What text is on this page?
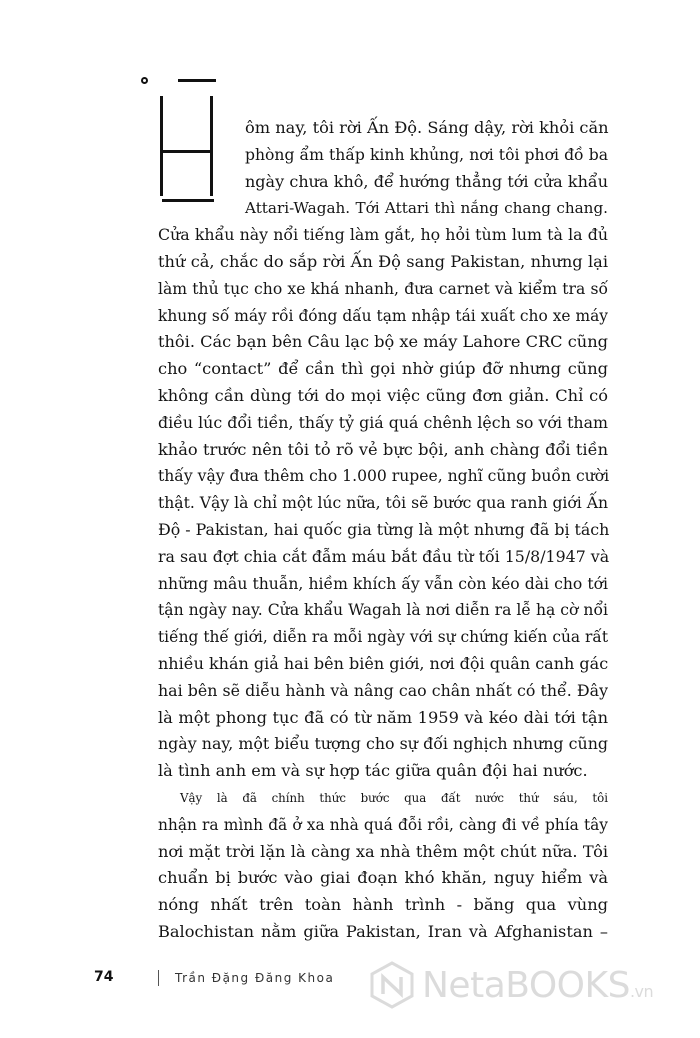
ôm nay, tôi rời Ấn Độ. Sáng dậy, rời khỏi căn
phòng ẩm thấp kinh khủng, nơi tôi phơi đồ ba
ngày chưa khô, để hướng thẳng tới cửa khẩu
Attari-Wagah. Tới Attari thì nắng chang chang.
Cửa khẩu này nổi tiếng làm gắt, họ hỏi tùm lum tà la đủ
thứ cả, chắc do sắp rời Ấn Độ sang Pakistan, nhưng lại
làm thủ tục cho xe khá nhanh, đưa carnet và kiểm tra số
khung số máy rồi đóng dấu tạm nhập tái xuất cho xe máy
thôi. Các bạn bên Câu lạc bộ xe máy Lahore CRC cũng
cho “contact” để cần thì gọi nhờ giúp đỡ nhưng cũng
không cần dùng tới do mọi việc cũng đơn giản. Chỉ có
điều lúc đổi tiền, thấy tỷ giá quá chênh lệch so với tham
khảo trước nên tôi tỏ rõ vẻ bực bội, anh chàng đổi tiền
thấy vậy đưa thêm cho 1.000 rupee, nghĩ cũng buồn cười
thật. Vậy là chỉ một lúc nữa, tôi sẽ bước qua ranh giới Ấn
Độ - Pakistan, hai quốc gia từng là một nhưng đã bị tách
ra sau đợt chia cắt đẫm máu bắt đầu từ tối 15/8/1947 và
những mâu thuẫn, hiềm khích ấy vẫn còn kéo dài cho tới
tận ngày nay. Cửa khẩu Wagah là nơi diễn ra lễ hạ cờ nổi
tiếng thế giới, diễn ra mỗi ngày với sự chứng kiến của rất
nhiều khán giả hai bên biên giới, nơi đội quân canh gác
hai bên sẽ diễu hành và nâng cao chân nhất có thể. Đây
là một phong tục đã có từ năm 1959 và kéo dài tới tận
ngày nay, một biểu tượng cho sự đối nghịch nhưng cũng
là tình anh em và sự hợp tác giữa quân đội hai nước.
Vậy là đã chính thức bước qua đất nước thứ sáu, tôi
nhận ra mình đã ở xa nhà quá đỗi rồi, càng đi về phía tây
nơi mặt trời lặn là càng xa nhà thêm một chút nữa. Tôi
chuẩn bị bước vào giai đoạn khó khăn, nguy hiểm và
nóng nhất trên toàn hành trình - băng qua vùng
Balochistan nằm giữa Pakistan, Iran và Afghanistan –
74	Trần Đặng Đăng Khoa NetaBOOKS.vn
